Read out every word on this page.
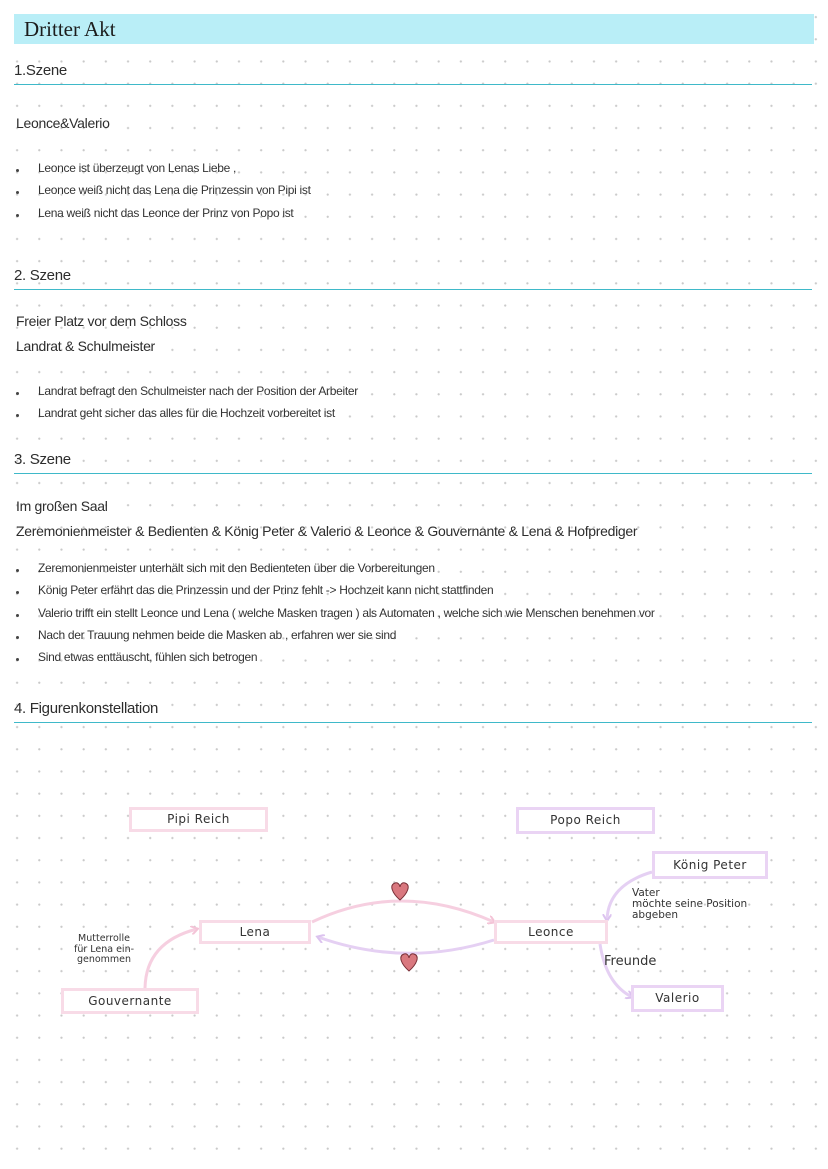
Dritter Akt
1.Szene
Leonce&Valerio
Leonce ist überzeugt von Lenas Liebe ,
Leonce weiß nicht das Lena die Prinzessin von Pipi ist
Lena weiß nicht das Leonce der Prinz von Popo ist
2. Szene
Freier Platz vor dem Schloss
Landrat & Schulmeister
Landrat befragt den Schulmeister nach der Position der Arbeiter
Landrat geht sicher das alles für die Hochzeit vorbereitet ist
3. Szene
Im großen Saal
Zeremonienmeister & Bedienten & König Peter & Valerio & Leonce & Gouvernante & Lena & Hofprediger
Zeremonienmeister unterhält sich mit den Bedienteten über die Vorbereitungen
König Peter erfährt das die Prinzessin und der Prinz fehlt -> Hochzeit kann nicht stattfinden
Valerio trifft ein stellt Leonce und Lena ( welche Masken tragen ) als Automaten , welche sich wie Menschen benehmen vor
Nach der Trauung nehmen beide die Masken ab , erfahren wer sie sind
Sind etwas enttäuscht, fühlen sich betrogen
4. Figurenkonstellation
Pipi Reich	Popo Reich
Lena	Leonce
König Peter
Valerio
Gouvernante
Vater
möchte seine Position
abgeben
Freunde
Mutterrolle
für Lena ein-
genommen
